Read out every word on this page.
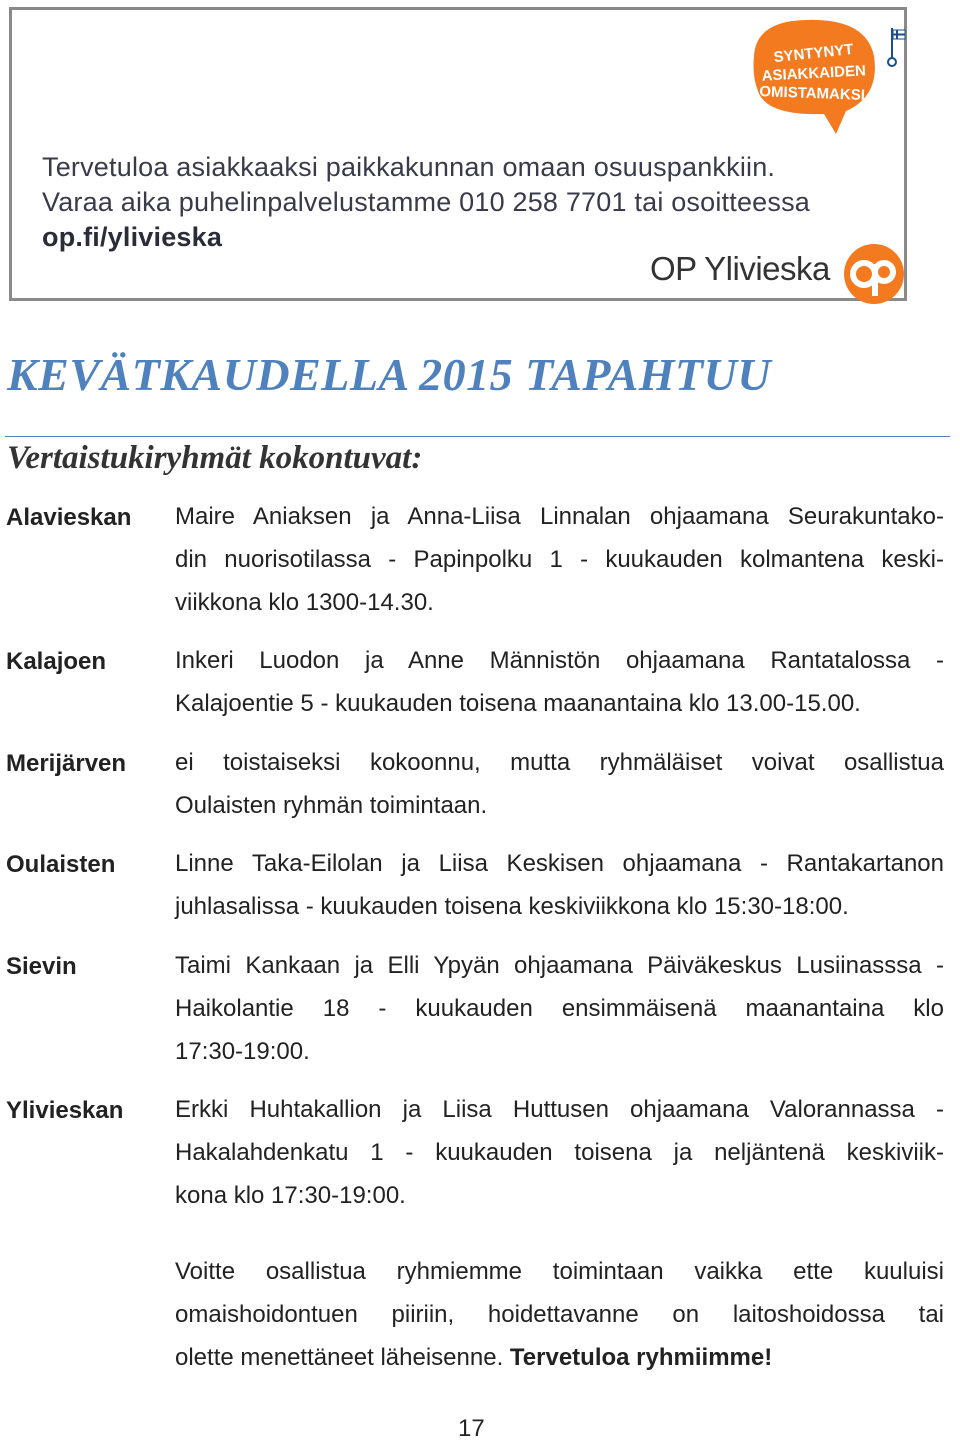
SYNTYNYT
ASIAKKAIDEN
OMISTAMAKSI
Tervetuloa asiakkaaksi paikkakunnan omaan osuuspankkiin.
Varaa aika puhelinpalvelustamme 010 258 7701 tai osoitteessa
op.fi/ylivieska
OP Ylivieska
KEVÄTKAUDELLA 2015 TAPAHTUU
Vertaistukiryhmät kokontuvat:
Alavieskan Maire Aniaksen ja Anna-Liisa Linnalan ohjaamana Seurakuntako-
din nuorisotilassa - Papinpolku 1 - kuukauden kolmantena keski-
viikkona klo 1300-14.30.
Kalajoen	Inkeri Luodon ja Anne Männistön ohjaamana Rantatalossa -
Kalajoentie 5 - kuukauden toisena maanantaina klo 13.00-15.00.
Merijärven ei toistaiseksi kokoonnu, mutta ryhmäläiset voivat osallistua
Oulaisten ryhmän toimintaan.
Oulaisten Linne Taka-Eilolan ja Liisa Keskisen ohjaamana - Rantakartanon
juhlasalissa - kuukauden toisena keskiviikkona klo 15:30-18:00.
Sievin	Taimi Kankaan ja Elli Ypyän ohjaamana Päiväkeskus Lusiinasssa -
Haikolantie 18 - kuukauden ensimmäisenä maanantaina klo
17:30-19:00.
Ylivieskan Erkki Huhtakallion ja Liisa Huttusen ohjaamana Valorannassa -
Hakalahdenkatu 1 - kuukauden toisena ja neljäntenä keskiviik-
kona klo 17:30-19:00.
Voitte osallistua ryhmiemme toimintaan vaikka ette kuuluisi
omaishoidontuen piiriin, hoidettavanne on laitoshoidossa tai
olette menettäneet läheisenne. Tervetuloa ryhmiimme!
17
